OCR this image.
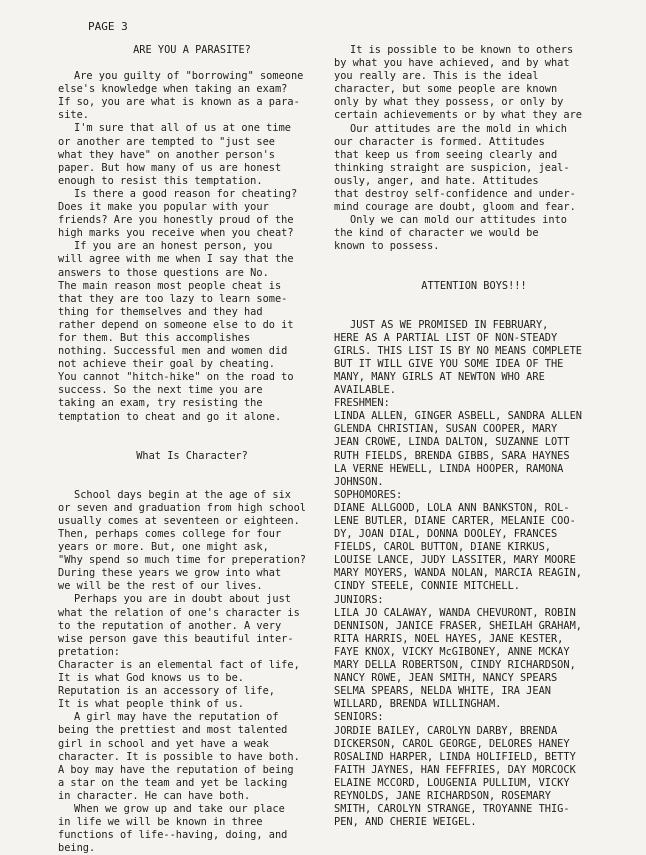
PAGE 3
ARE YOU A PARASITE?

Are you guilty of "borrowing" someone
else's knowledge when taking an exam?
If so, you are what is known as a para-
site.

I'm sure that all of us at one time
or another are tempted to "just see
what they have" on another person's
paper. But how many of us are honest
enough to resist this temptation.

Is there a good reason for cheating?
Does it make you popular with your
friends? Are you honestly proud of the
high marks you receive when you cheat?

If you are an honest person, you
will agree with me when I say that the
answers to those questions are No.
The main reason most people cheat is
that they are too lazy to learn some-
thing for themselves and they had
rather depend on someone else to do it
for them. But this accomplishes
nothing. Successful men and women did
not achieve their goal by cheating.
You cannot "hitch-hike" on the road to
success. So the next time you are
taking an exam, try resisting the
temptation to cheat and go it alone.

What Is Character?

School days begin at the age of six
or seven and graduation from high school
usually comes at seventeen or eighteen.
Then, perhaps comes college for four
years or more. But, one might ask,
"Why spend so much time for preperation?
During these years we grow into what
we will be the rest of our lives.

Perhaps you are in doubt about just
what the relation of one's character is
to the reputation of another. A very
wise person gave this beautiful inter-
pretation:

Character is an elemental fact of life,
It is what God knows us to be.
Reputation is an accessory of life,
It is what people think of us.

A girl may have the reputation of
being the prettiest and most talented
girl in school and yet have a weak
character. It is possible to have both.
A boy may have the reputation of being
a star on the team and yet be lacking
in character. He can have both.

When we grow up and take our place
in life we will be known in three
functions of life--having, doing, and
being.

It is possible to be known to others
by what you have achieved, and by what
you really are. This is the ideal
character, but some people are known
only by what they possess, or only by
certain achievements or by what they are

Our attitudes are the mold in which
our character is formed. Attitudes
that keep us from seeing clearly and
thinking straight are suspicion, jeal-
ously, anger, and hate. Attitudes
that destroy self-confidence and under-
mind courage are doubt, gloom and fear.

Only we can mold our attitudes into
the kind of character we would be
known to possess.

ATTENTION BOYS!!!

JUST AS WE PROMISED IN FEBRUARY,
HERE AS A PARTIAL LIST OF NON-STEADY
GIRLS. THIS LIST IS BY NO MEANS COMPLETE
BUT IT WILL GIVE YOU SOME IDEA OF THE
MANY, MANY GIRLS AT NEWTON WHO ARE
AVAILABLE.

FRESHMEN:
LINDA ALLEN, GINGER ASBELL, SANDRA ALLEN
GLENDA CHRISTIAN, SUSAN COOPER, MARY
JEAN CROWE, LINDA DALTON, SUZANNE LOTT
RUTH FIELDS, BRENDA GIBBS, SARA HAYNES
LA VERNE HEWELL, LINDA HOOPER, RAMONA
JOHNSON.
SOPHOMORES:
DIANE ALLGOOD, LOLA ANN BANKSTON, ROL-
LENE BUTLER, DIANE CARTER, MELANIE COO-
DY, JOAN DIAL, DONNA DOOLEY, FRANCES
FIELDS, CAROL BUTTON, DIANE KIRKUS,
LOUISE LANCE, JUDY LASSITER, MARY MOORE
MARY MOYERS, WANDA NOLAN, MARCIA REAGIN,
CINDY STEELE, CONNIE MITCHELL.
JUNIORS:
LILA JO CALAWAY, WANDA CHEVURONT, ROBIN
DENNISON, JANICE FRASER, SHEILAH GRAHAM,
RITA HARRIS, NOEL HAYES, JANE KESTER,
FAYE KNOX, VICKY McGIBONEY, ANNE MCKAY
MARY DELLA ROBERTSON, CINDY RICHARDSON,
NANCY ROWE, JEAN SMITH, NANCY SPEARS
SELMA SPEARS, NELDA WHITE, IRA JEAN
WILLARD, BRENDA WILLINGHAM.
SENIORS:
JORDIE BAILEY, CAROLYN DARBY, BRENDA
DICKERSON, CAROL GEORGE, DELORES HANEY
ROSALIND HARPER, LINDA HOLIFIELD, BETTY
FAITH JAYNES, HAN FEFFRIES, DAY MORCOCK
ELAINE MCCORD, LOUGENIA PULLIUM, VICKY
REYNOLDS, JANE RICHARDSON, ROSEMARY
SMITH, CAROLYN STRANGE, TROYANNE THIG-
PEN, AND CHERIE WEIGEL.
